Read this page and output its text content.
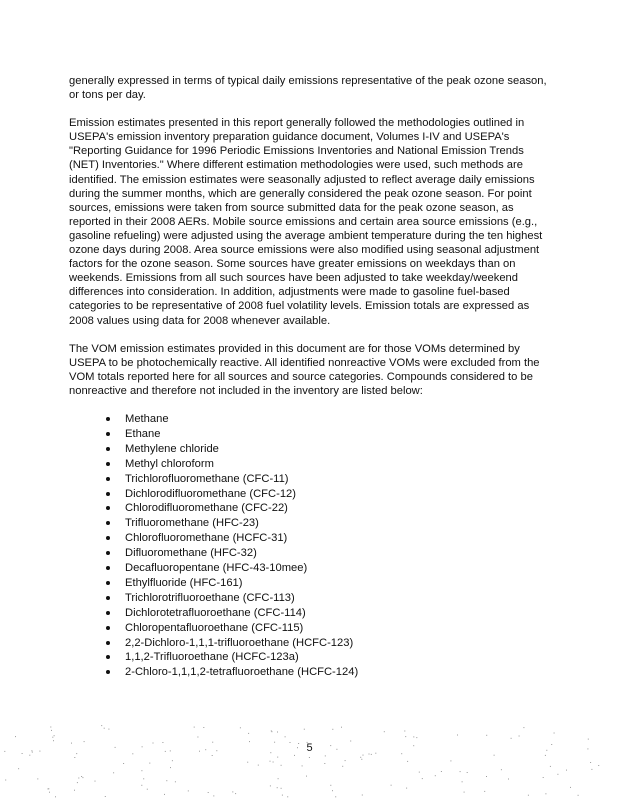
generally expressed in terms of typical daily emissions representative of the peak ozone season, or tons per day.

Emission estimates presented in this report generally followed the methodologies outlined in USEPA's emission inventory preparation guidance document, Volumes I-IV and USEPA's "Reporting Guidance for 1996 Periodic Emissions Inventories and National Emission Trends (NET) Inventories." Where different estimation methodologies were used, such methods are identified. The emission estimates were seasonally adjusted to reflect average daily emissions during the summer months, which are generally considered the peak ozone season. For point sources, emissions were taken from source submitted data for the peak ozone season, as reported in their 2008 AERs. Mobile source emissions and certain area source emissions (e.g., gasoline refueling) were adjusted using the average ambient temperature during the ten highest ozone days during 2008. Area source emissions were also modified using seasonal adjustment factors for the ozone season. Some sources have greater emissions on weekdays than on weekends. Emissions from all such sources have been adjusted to take weekday/weekend differences into consideration. In addition, adjustments were made to gasoline fuel-based categories to be representative of 2008 fuel volatility levels. Emission totals are expressed as 2008 values using data for 2008 whenever available.

The VOM emission estimates provided in this document are for those VOMs determined by USEPA to be photochemically reactive. All identified nonreactive VOMs were excluded from the VOM totals reported here for all sources and source categories. Compounds considered to be nonreactive and therefore not included in the inventory are listed below:

Methane
Ethane
Methylene chloride
Methyl chloroform
Trichlorofluoromethane (CFC-11)
Dichlorodifluoromethane (CFC-12)
Chlorodifluoromethane (CFC-22)
Trifluoromethane (HFC-23)
Chlorofluoromethane (HCFC-31)
Difluoromethane (HFC-32)
Decafluoropentane (HFC-43-10mee)
Ethylfluoride (HFC-161)
Trichlorotrifluoroethane (CFC-113)
Dichlorotetrafluoroethane (CFC-114)
Chloropentafluoroethane (CFC-115)
2,2-Dichloro-1,1,1-trifluoroethane (HCFC-123)
1,1,2-Trifluoroethane (HCFC-123a)
2-Chloro-1,1,1,2-tetrafluoroethane (HCFC-124)
5
